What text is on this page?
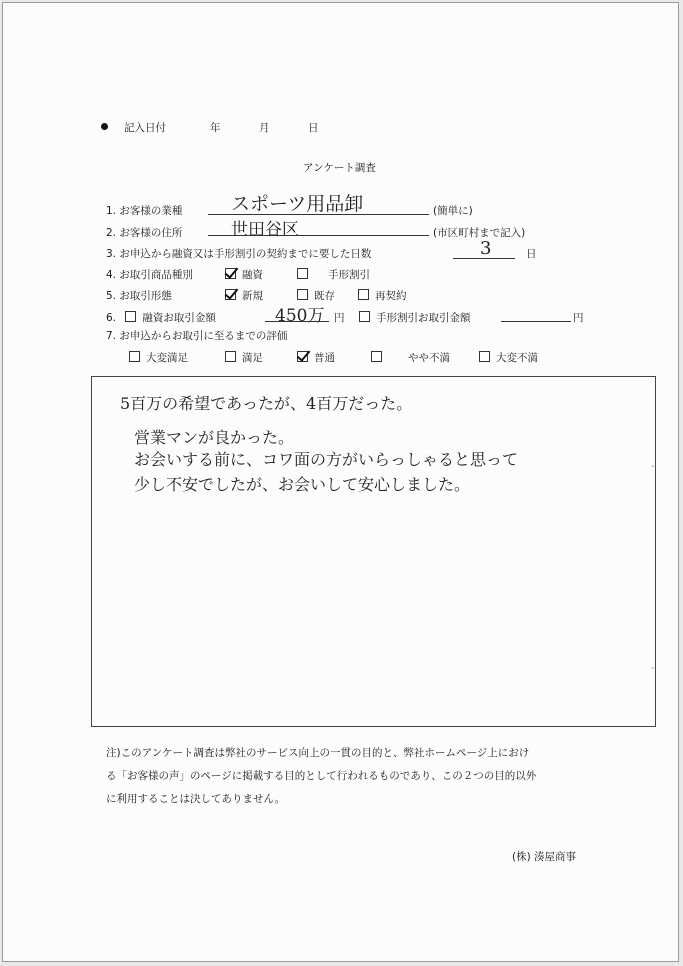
記入日付	年	月	日
アンケート調査
1. お客様の業種	スポーツ用品卸	(簡単に)
2. お客様の住所	世田谷区	(市区町村まで記入)
3. お申込から融資又は手形割引の契約までに要した日数	3	日
4. お取引商品種別	融資	手形割引
5. お取引形態	新規	既存	再契約
6.	融資お取引金額	450万 円	手形割引お取引金額	円
7. お申込からお取引に至るまでの評価
大変満足	満足	普通	やや不満	大変不満
5百万の希望であったが、4百万だった。
営業マンが良かった。
お会いする前に、コワ面の方がいらっしゃると思って
少し不安でしたが、お会いして安心しました。
-
-
注)このアンケート調査は弊社のサービス向上の一貫の目的と、弊社ホームページ上におけ
る「お客様の声」のページに掲載する目的として行われるものであり、この２つの目的以外
に利用することは決してありません。
(株) 湊屋商事
